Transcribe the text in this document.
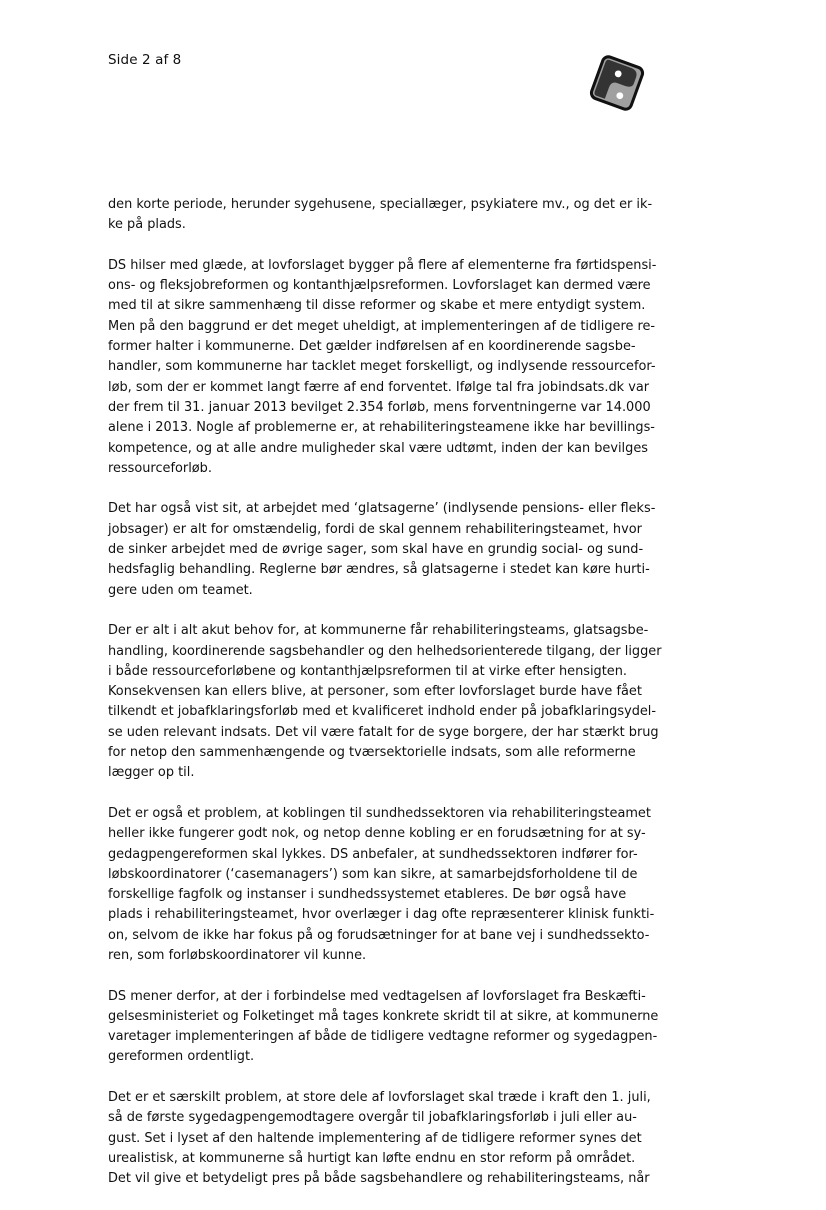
Side 2 af 8

den korte periode, herunder sygehusene, speciallæger, psykiatere mv., og det er ik-
ke på plads.

DS hilser med glæde, at lovforslaget bygger på flere af elementerne fra førtidspensi-
ons- og fleksjobreformen og kontanthjælpsreformen. Lovforslaget kan dermed være
med til at sikre sammenhæng til disse reformer og skabe et mere entydigt system.
Men på den baggrund er det meget uheldigt, at implementeringen af de tidligere re-
former halter i kommunerne. Det gælder indførelsen af en koordinerende sagsbe-
handler, som kommunerne har tacklet meget forskelligt, og indlysende ressourcefor-
løb, som der er kommet langt færre af end forventet. Ifølge tal fra jobindsats.dk var
der frem til 31. januar 2013 bevilget 2.354 forløb, mens forventningerne var 14.000
alene i 2013. Nogle af problemerne er, at rehabiliteringsteamene ikke har bevillings-
kompetence, og at alle andre muligheder skal være udtømt, inden der kan bevilges
ressourceforløb.

Det har også vist sit, at arbejdet med ‘glatsagerne’ (indlysende pensions- eller fleks-
jobsager) er alt for omstændelig, fordi de skal gennem rehabiliteringsteamet, hvor
de sinker arbejdet med de øvrige sager, som skal have en grundig social- og sund-
hedsfaglig behandling. Reglerne bør ændres, så glatsagerne i stedet kan køre hurti-
gere uden om teamet.

Der er alt i alt akut behov for, at kommunerne får rehabiliteringsteams, glatsagsbe-
handling, koordinerende sagsbehandler og den helhedsorienterede tilgang, der ligger
i både ressourceforløbene og kontanthjælpsreformen til at virke efter hensigten.
Konsekvensen kan ellers blive, at personer, som efter lovforslaget burde have fået
tilkendt et jobafklaringsforløb med et kvalificeret indhold ender på jobafklaringsydel-
se uden relevant indsats. Det vil være fatalt for de syge borgere, der har stærkt brug
for netop den sammenhængende og tværsektorielle indsats, som alle reformerne
lægger op til.

Det er også et problem, at koblingen til sundhedssektoren via rehabiliteringsteamet
heller ikke fungerer godt nok, og netop denne kobling er en forudsætning for at sy-
gedagpengereformen skal lykkes. DS anbefaler, at sundhedssektoren indfører for-
løbskoordinatorer (‘casemanagers’) som kan sikre, at samarbejdsforholdene til de
forskellige fagfolk og instanser i sundhedssystemet etableres. De bør også have
plads i rehabiliteringsteamet, hvor overlæger i dag ofte repræsenterer klinisk funkti-
on, selvom de ikke har fokus på og forudsætninger for at bane vej i sundhedssekto-
ren, som forløbskoordinatorer vil kunne.

DS mener derfor, at der i forbindelse med vedtagelsen af lovforslaget fra Beskæfti-
gelsesministeriet og Folketinget må tages konkrete skridt til at sikre, at kommunerne
varetager implementeringen af både de tidligere vedtagne reformer og sygedagpen-
gereformen ordentligt.

Det er et særskilt problem, at store dele af lovforslaget skal træde i kraft den 1. juli,
så de første sygedagpengemodtagere overgår til jobafklaringsforløb i juli eller au-
gust. Set i lyset af den haltende implementering af de tidligere reformer synes det
urealistisk, at kommunerne så hurtigt kan løfte endnu en stor reform på området.
Det vil give et betydeligt pres på både sagsbehandlere og rehabiliteringsteams, når
